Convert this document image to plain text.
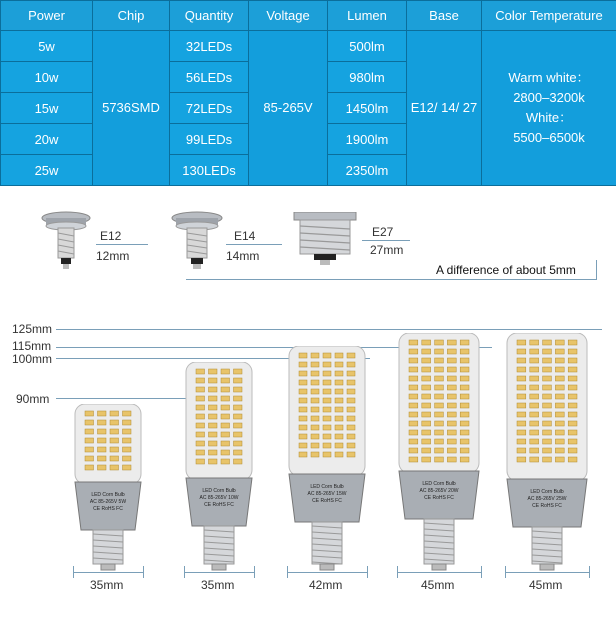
Power	Chip	Quantity	Voltage	Lumen	Base	Color Temperature
5w	5736SMD	32LEDs	85-265V	500lm	E12/ 14/ 27	Warm white：
2800–3200k
White：
5500–6500k

10w		56LEDs		980lm		
15w		72LEDs		1450lm		
20w		99LEDs		1900lm		
25w		130LEDs		2350lm		
E12
12mm
E14
14mm
E27
27mm
A difference of about 5mm
125mm
115mm
100mm
90mm
LED Corn Bulb
AC 85-265V 5W
CE RoHS FC
35mm
LED Corn Bulb
AC 85-265V 10W
CE RoHS FC
35mm
LED Corn Bulb
AC 85-265V 15W
CE RoHS FC
42mm
LED Corn Bulb
AC 85-265V 20W
CE RoHS FC
45mm
LED Corn Bulb
AC 85-265V 25W
CE RoHS FC
45mm
